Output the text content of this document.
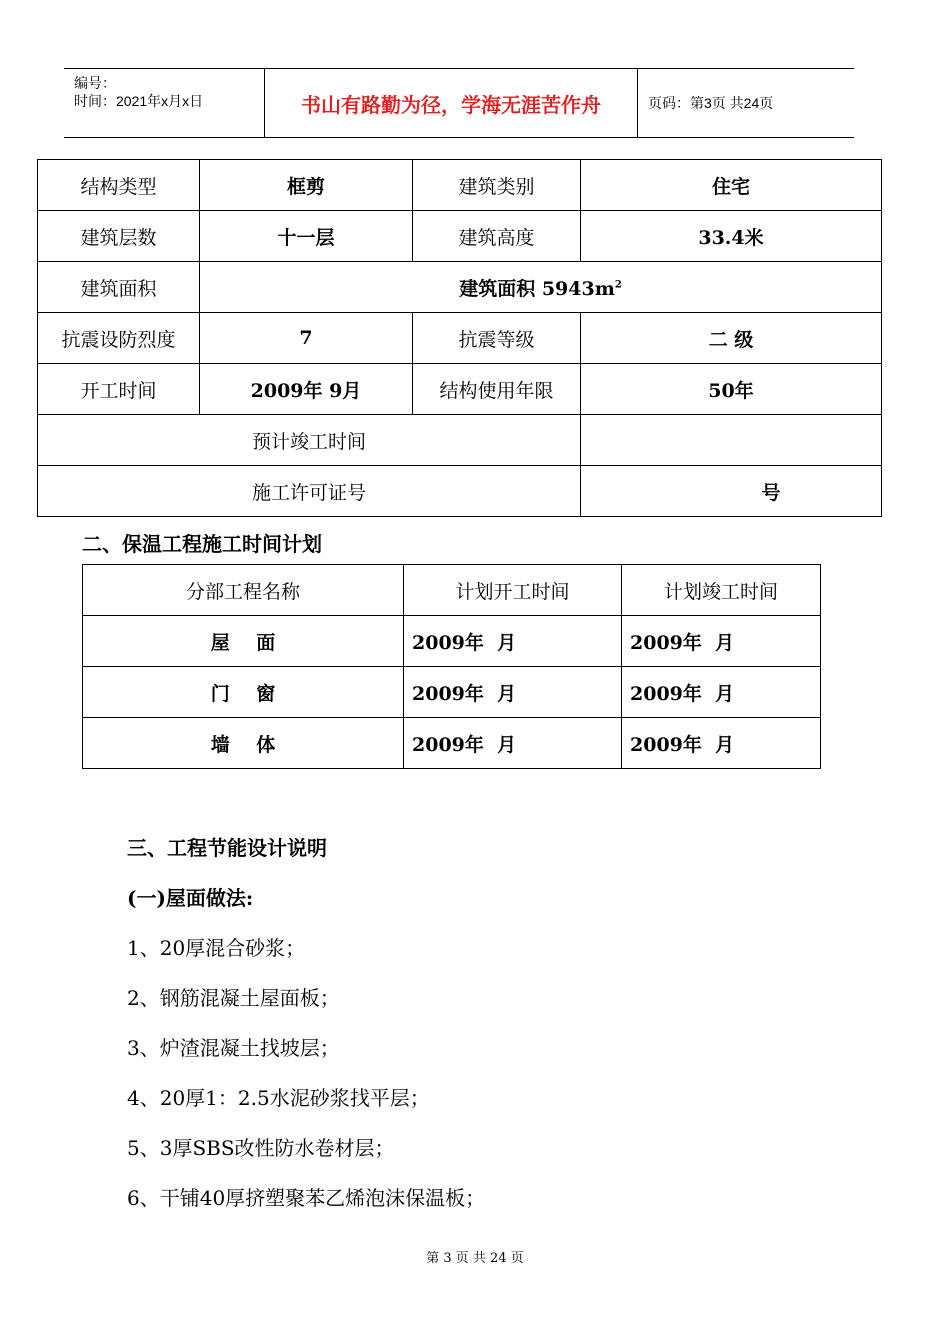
编号：
时间：2021年x月x日	书山有路勤为径，学海无涯苦作舟	页码：第3页 共24页
结构类型	框剪	建筑类别	住宅
建筑层数	十一层	建筑高度	33.4米
建筑面积	建筑面积 $5943m^2$
抗震设防烈度	7	抗震等级	二 级
开工时间	2009年 9月	结构使用年限	50年
预计竣工时间			
施工许可证号			号
二、保温工程施工时间计划
分部工程名称	计划开工时间	计划竣工时间
屋    面	2009年  月	2009年  月
门    窗	2009年  月	2009年  月
墙    体	2009年  月	2009年  月
三、工程节能设计说明
(一)屋面做法:
1、20厚混合砂浆；
2、钢筋混凝土屋面板；
3、炉渣混凝土找坡层；
4、20厚1：2.5水泥砂浆找平层；
5、3厚SBS改性防水卷材层；
6、干铺40厚挤塑聚苯乙烯泡沫保温板；
第 3 页 共 24 页
